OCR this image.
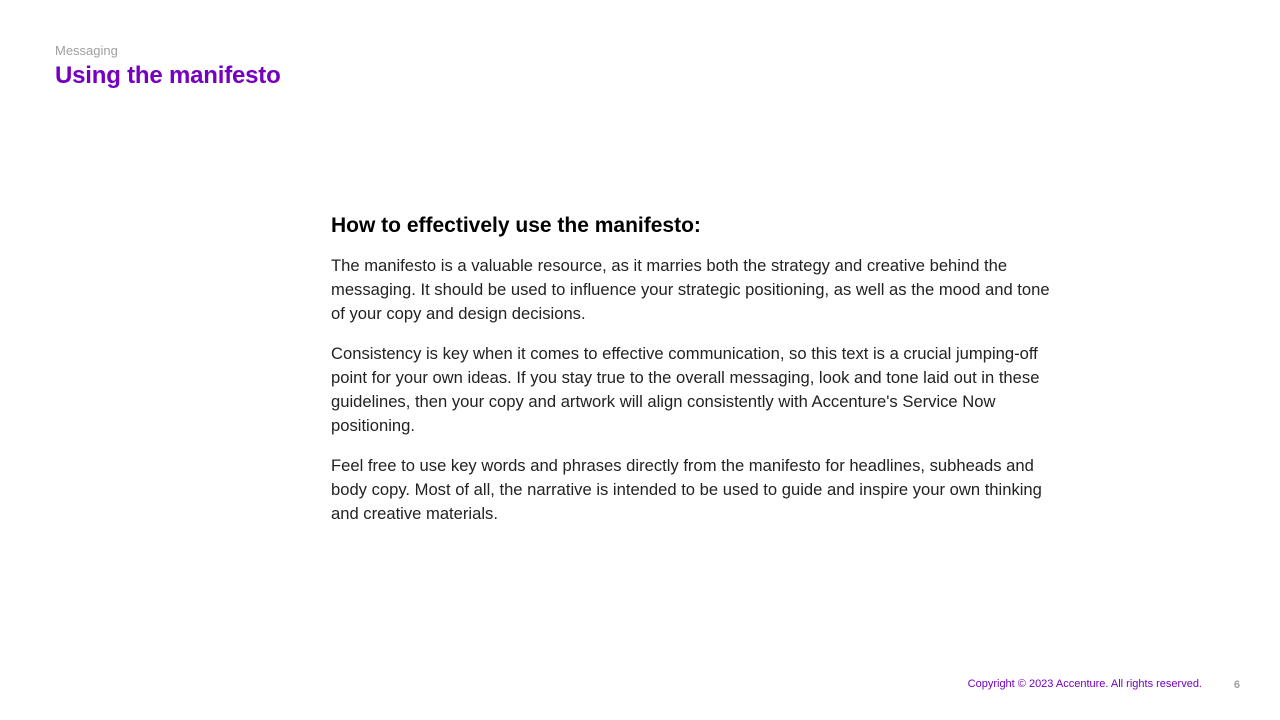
Messaging
Using the manifesto
How to effectively use the manifesto:

The manifesto is a valuable resource, as it marries both the strategy and creative behind the messaging. It should be used to influence your strategic positioning, as well as the mood and tone of your copy and design decisions.

Consistency is key when it comes to effective communication, so this text is a crucial jumping-off point for your own ideas. If you stay true to the overall messaging, look and tone laid out in these guidelines, then your copy and artwork will align consistently with Accenture's Service Now positioning.

Feel free to use key words and phrases directly from the manifesto for headlines, subheads and body copy. Most of all, the narrative is intended to be used to guide and inspire your own thinking and creative materials.

Copyright © 2023 Accenture. All rights reserved.	6
